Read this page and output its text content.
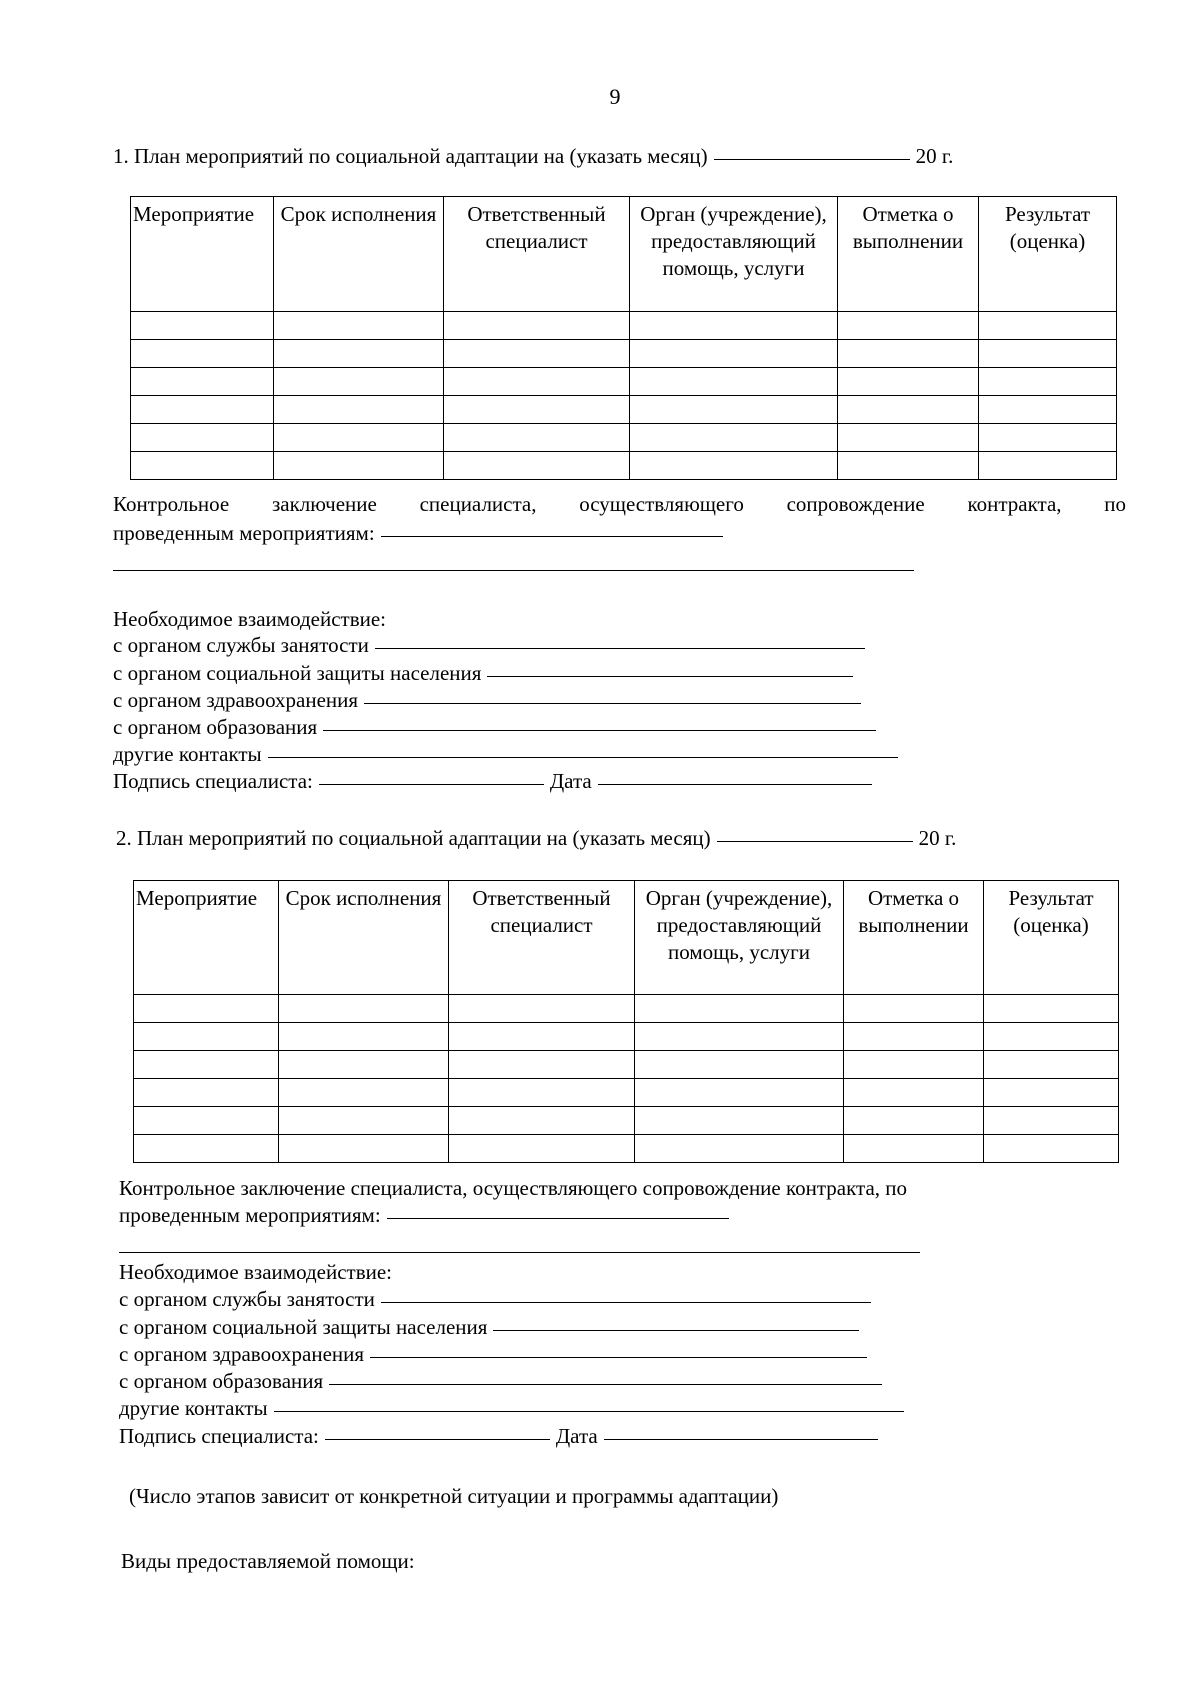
9
1. План мероприятий по социальной адаптации на (указать месяц)	20 г.
Мероприятие	Срок исполнения	Ответственный специалист	Орган (учреждение), предоставляющий помощь, услуги	Отметка о выполнении	Результат (оценка)

Контрольное заключение специалиста, осуществляющего сопровождение контракта, по
проведенным мероприятиям:
Необходимое взаимодействие:
с органом службы занятости
с органом социальной защиты населения
с органом здравоохранения
с органом образования
другие контакты
Подпись специалиста:	Дата
2. План мероприятий по социальной адаптации на (указать месяц)	20 г.
Мероприятие	Срок исполнения	Ответственный специалист	Орган (учреждение), предоставляющий помощь, услуги	Отметка о выполнении	Результат (оценка)

Контрольное заключение специалиста, осуществляющего сопровождение контракта, по
проведенным мероприятиям:
Необходимое взаимодействие:
с органом службы занятости
с органом социальной защиты населения
с органом здравоохранения
с органом образования
другие контакты
Подпись специалиста:	Дата
(Число этапов зависит от конкретной ситуации и программы адаптации)
Виды предоставляемой помощи:
